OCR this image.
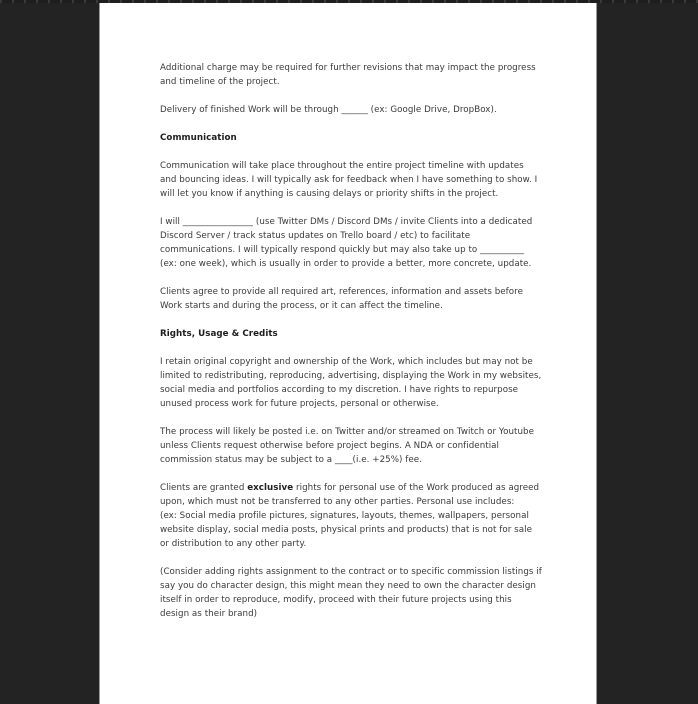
Additional charge may be required for further revisions that may impact the progress and timeline of the project.

Delivery of finished Work will be through ______ (ex: Google Drive, DropBox).

Communication

Communication will take place throughout the entire project timeline with updates and bouncing ideas. I will typically ask for feedback when I have something to show. I will let you know if anything is causing delays or priority shifts in the project.

I will ________________ (use Twitter DMs / Discord DMs / invite Clients into a dedicated Discord Server / track status updates on Trello board / etc) to facilitate communications. I will typically respond quickly but may also take up to __________ (ex: one week), which is usually in order to provide a better, more concrete, update.

Clients agree to provide all required art, references, information and assets before Work starts and during the process, or it can affect the timeline.

Rights, Usage & Credits

I retain original copyright and ownership of the Work, which includes but may not be limited to redistributing, reproducing, advertising, displaying the Work in my websites, social media and portfolios according to my discretion. I have rights to repurpose unused process work for future projects, personal or otherwise.

The process will likely be posted i.e. on Twitter and/or streamed on Twitch or Youtube unless Clients request otherwise before project begins. A NDA or confidential commission status may be subject to a ____(i.e. +25%) fee.

Clients are granted exclusive rights for personal use of the Work produced as agreed upon, which must not be transferred to any other parties. Personal use includes:
(ex: Social media profile pictures, signatures, layouts, themes, wallpapers, personal website display, social media posts, physical prints and products) that is not for sale or distribution to any other party.

(Consider adding rights assignment to the contract or to specific commission listings if say you do character design, this might mean they need to own the character design itself in order to reproduce, modify, proceed with their future projects using this design as their brand)
